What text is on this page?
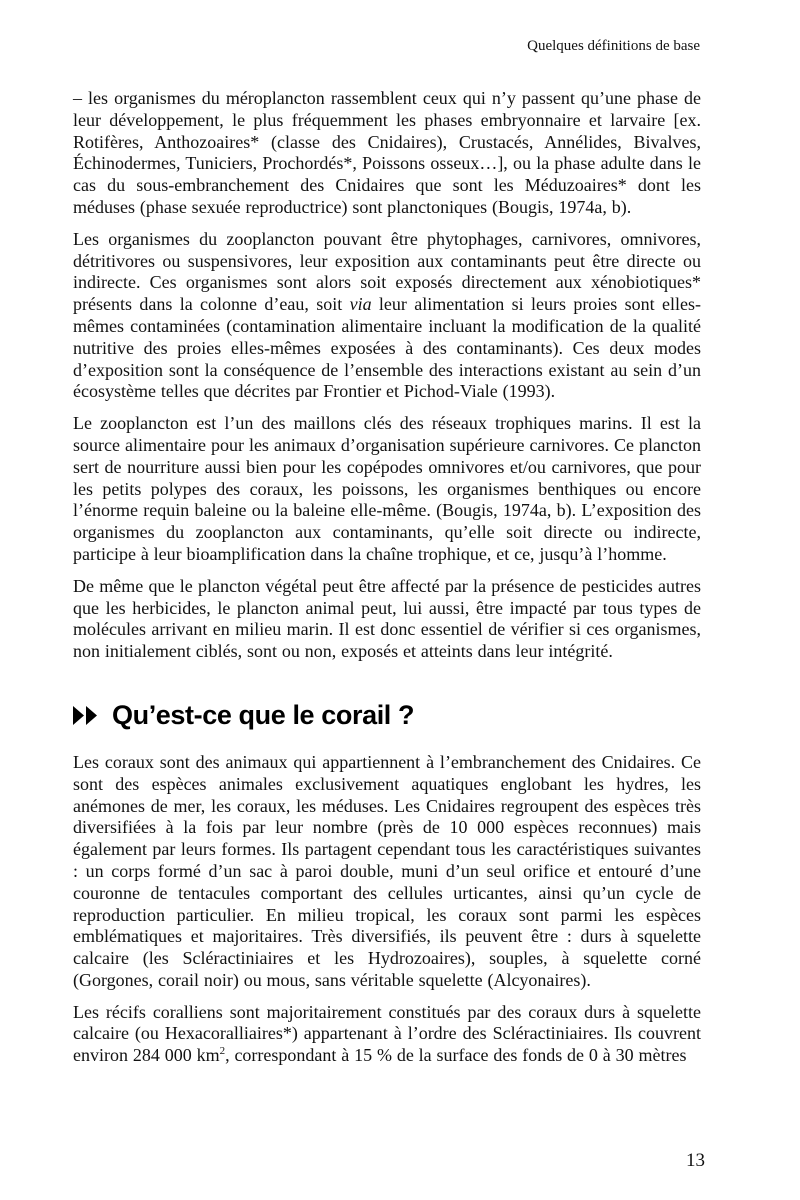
Quelques définitions de base

– les organismes du méroplancton rassemblent ceux qui n’y passent qu’une phase de leur développement, le plus fréquemment les phases embryonnaire et larvaire [ex. Rotifères, Anthozoaires* (classe des Cnidaires), Crustacés, Annélides, Bivalves, Échinodermes, Tuniciers, Prochordés*, Poissons osseux…], ou la phase adulte dans le cas du sous-embranchement des Cnidaires que sont les Méduzoaires* dont les méduses (phase sexuée reproductrice) sont planctoniques (Bougis, 1974a, b).

Les organismes du zooplancton pouvant être phytophages, carnivores, omnivores, détritivores ou suspensivores, leur exposition aux contaminants peut être directe ou indirecte. Ces organismes sont alors soit exposés directement aux xénobiotiques* présents dans la colonne d’eau, soit via leur alimentation si leurs proies sont elles-mêmes contaminées (contamination alimentaire incluant la modification de la qualité nutritive des proies elles-mêmes exposées à des contaminants). Ces deux modes d’exposition sont la conséquence de l’ensemble des interactions existant au sein d’un écosystème telles que décrites par Frontier et Pichod-Viale (1993).

Le zooplancton est l’un des maillons clés des réseaux trophiques marins. Il est la source alimentaire pour les animaux d’organisation supérieure carnivores. Ce plancton sert de nourriture aussi bien pour les copépodes omnivores et/ou carnivores, que pour les petits polypes des coraux, les poissons, les organismes benthiques ou encore l’énorme requin baleine ou la baleine elle-même. (Bougis, 1974a, b). L’exposition des organismes du zooplancton aux contaminants, qu’elle soit directe ou indirecte, participe à leur bioamplification dans la chaîne trophique, et ce, jusqu’à l’homme.

De même que le plancton végétal peut être affecté par la présence de pesticides autres que les herbicides, le plancton animal peut, lui aussi, être impacté par tous types de molécules arrivant en milieu marin. Il est donc essentiel de vérifier si ces organismes, non initialement ciblés, sont ou non, exposés et atteints dans leur intégrité.

Qu’est-ce que le corail ?

Les coraux sont des animaux qui appartiennent à l’embranchement des Cnidaires. Ce sont des espèces animales exclusivement aquatiques englobant les hydres, les anémones de mer, les coraux, les méduses. Les Cnidaires regroupent des espèces très diversifiées à la fois par leur nombre (près de 10 000 espèces reconnues) mais également par leurs formes. Ils partagent cependant tous les caractéristiques suivantes : un corps formé d’un sac à paroi double, muni d’un seul orifice et entouré d’une couronne de tentacules comportant des cellules urticantes, ainsi qu’un cycle de reproduction particulier. En milieu tropical, les coraux sont parmi les espèces emblématiques et majoritaires. Très diversifiés, ils peuvent être : durs à squelette calcaire (les Scléractiniaires et les Hydrozoaires), souples, à squelette corné (Gorgones, corail noir) ou mous, sans véritable squelette (Alcyonaires).

Les récifs coralliens sont majoritairement constitués par des coraux durs à squelette calcaire (ou Hexacoralliaires*) appartenant à l’ordre des Scléractiniaires. Ils couvrent environ 284 000 $km^2$, correspondant à 15 % de la surface des fonds de 0 à 30 mètres

13
